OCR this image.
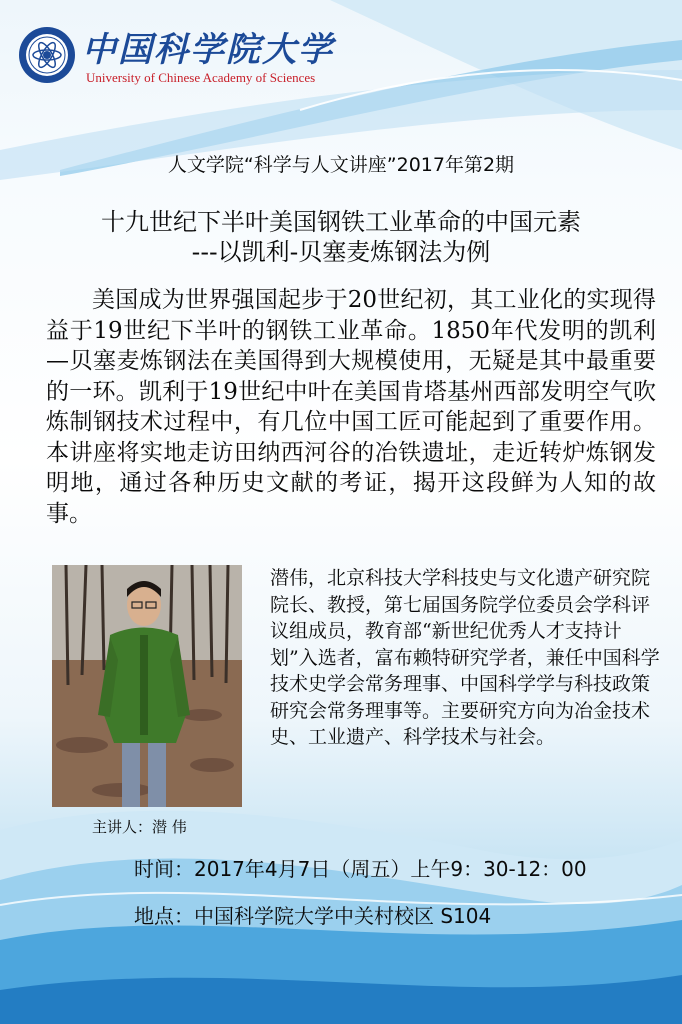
中国科学院大学
University of Chinese Academy of Sciences
人文学院“科学与人文讲座”2017年第2期
十九世纪下半叶美国钢铁工业革命的中国元素
---以凯利-贝塞麦炼钢法为例

美国成为世界强国起步于20世纪初，其工业化的实现得益于19世纪下半叶的钢铁工业革命。1850年代发明的凯利—贝塞麦炼钢法在美国得到大规模使用，无疑是其中最重要的一环。凯利于19世纪中叶在美国肯塔基州西部发明空气吹炼制钢技术过程中，有几位中国工匠可能起到了重要作用。本讲座将实地走访田纳西河谷的冶铁遗址，走近转炉炼钢发明地，通过各种历史文献的考证，揭开这段鲜为人知的故事。

主讲人：潜 伟

潜伟，北京科技大学科技史与文化遗产研究院院长、教授，第七届国务院学位委员会学科评议组成员，教育部“新世纪优秀人才支持计划”入选者，富布赖特研究学者，兼任中国科学技术史学会常务理事、中国科学学与科技政策研究会常务理事等。主要研究方向为冶金技术史、工业遗产、科学技术与社会。

时间：2017年4月7日（周五）上午9：30-12：00
地点：中国科学院大学中关村校区 S104
